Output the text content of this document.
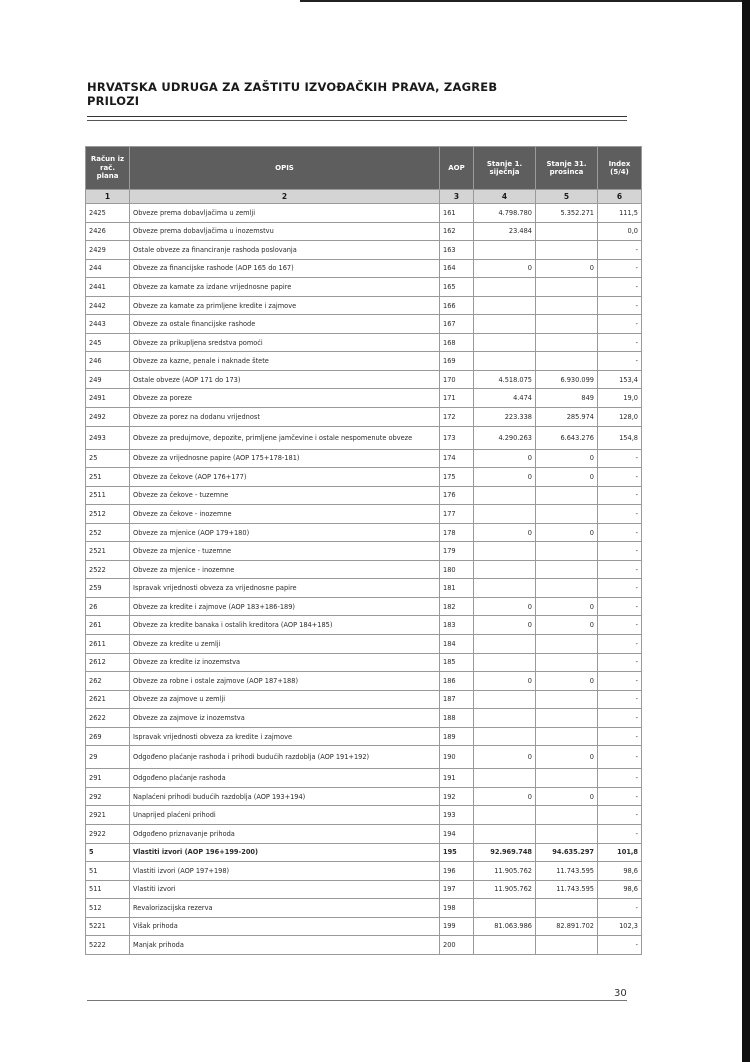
HRVATSKA UDRUGA ZA ZAŠTITU IZVOĐAČKIH PRAVA, ZAGREB
PRILOZI
Račun iz rač. plana	OPIS	AOP	Stanje 1. siječnja	Stanje 31. prosinca	Index (5/4)
1	2	3	4	5	6
2425	Obveze prema dobavljačima u zemlji	161	4.798.780	5.352.271	111,5
2426	Obveze prema dobavljačima u inozemstvu	162	23.484		0,0
2429	Ostale obveze za financiranje rashoda poslovanja	163			-
244	Obveze za financijske rashode (AOP 165 do 167)	164	0	0	-
2441	Obveze za kamate za izdane vrijednosne papire	165			-
2442	Obveze za kamate za primljene kredite i zajmove	166			-
2443	Obveze za ostale financijske rashode	167			-
245	Obveze za prikupljena sredstva pomoći	168			-
246	Obveze za kazne, penale i naknade štete	169			-
249	Ostale obveze (AOP 171 do 173)	170	4.518.075	6.930.099	153,4
2491	Obveze za poreze	171	4.474	849	19,0
2492	Obveze za porez na dodanu vrijednost	172	223.338	285.974	128,0
2493	Obveze za predujmove, depozite, primljene jamčevine i ostale nespomenute obveze	173	4.290.263	6.643.276	154,8
25	Obveze za vrijednosne papire (AOP 175+178-181)	174	0	0	-
251	Obveze za čekove (AOP 176+177)	175	0	0	-
2511	Obveze za čekove - tuzemne	176			-
2512	Obveze za čekove - inozemne	177			-
252	Obveze za mjenice (AOP 179+180)	178	0	0	-
2521	Obveze za mjenice - tuzemne	179			-
2522	Obveze za mjenice - inozemne	180			-
259	Ispravak vrijednosti obveza za vrijednosne papire	181			-
26	Obveze za kredite i zajmove (AOP 183+186-189)	182	0	0	-
261	Obveze za kredite banaka i ostalih kreditora (AOP 184+185)	183	0	0	-
2611	Obveze za kredite u zemlji	184			-
2612	Obveze za kredite iz inozemstva	185			-
262	Obveze za robne i ostale zajmove (AOP 187+188)	186	0	0	-
2621	Obveze za zajmove u zemlji	187			-
2622	Obveze za zajmove iz inozemstva	188			-
269	Ispravak vrijednosti obveza za kredite i zajmove	189			-
29	Odgođeno plaćanje rashoda i prihodi budućih razdoblja (AOP 191+192)	190	0	0	-
291	Odgođeno plaćanje rashoda	191			-
292	Naplaćeni prihodi budućih razdoblja (AOP 193+194)	192	0	0	-
2921	Unaprijed plaćeni prihodi	193			-
2922	Odgođeno priznavanje prihoda	194			-
5	Vlastiti izvori (AOP 196+199-200)	195	92.969.748	94.635.297	101,8
51	Vlastiti izvori (AOP 197+198)	196	11.905.762	11.743.595	98,6
511	Vlastiti izvori	197	11.905.762	11.743.595	98,6
512	Revalorizacijska rezerva	198			-
5221	Višak prihoda	199	81.063.986	82.891.702	102,3
5222	Manjak prihoda	200			-
30
